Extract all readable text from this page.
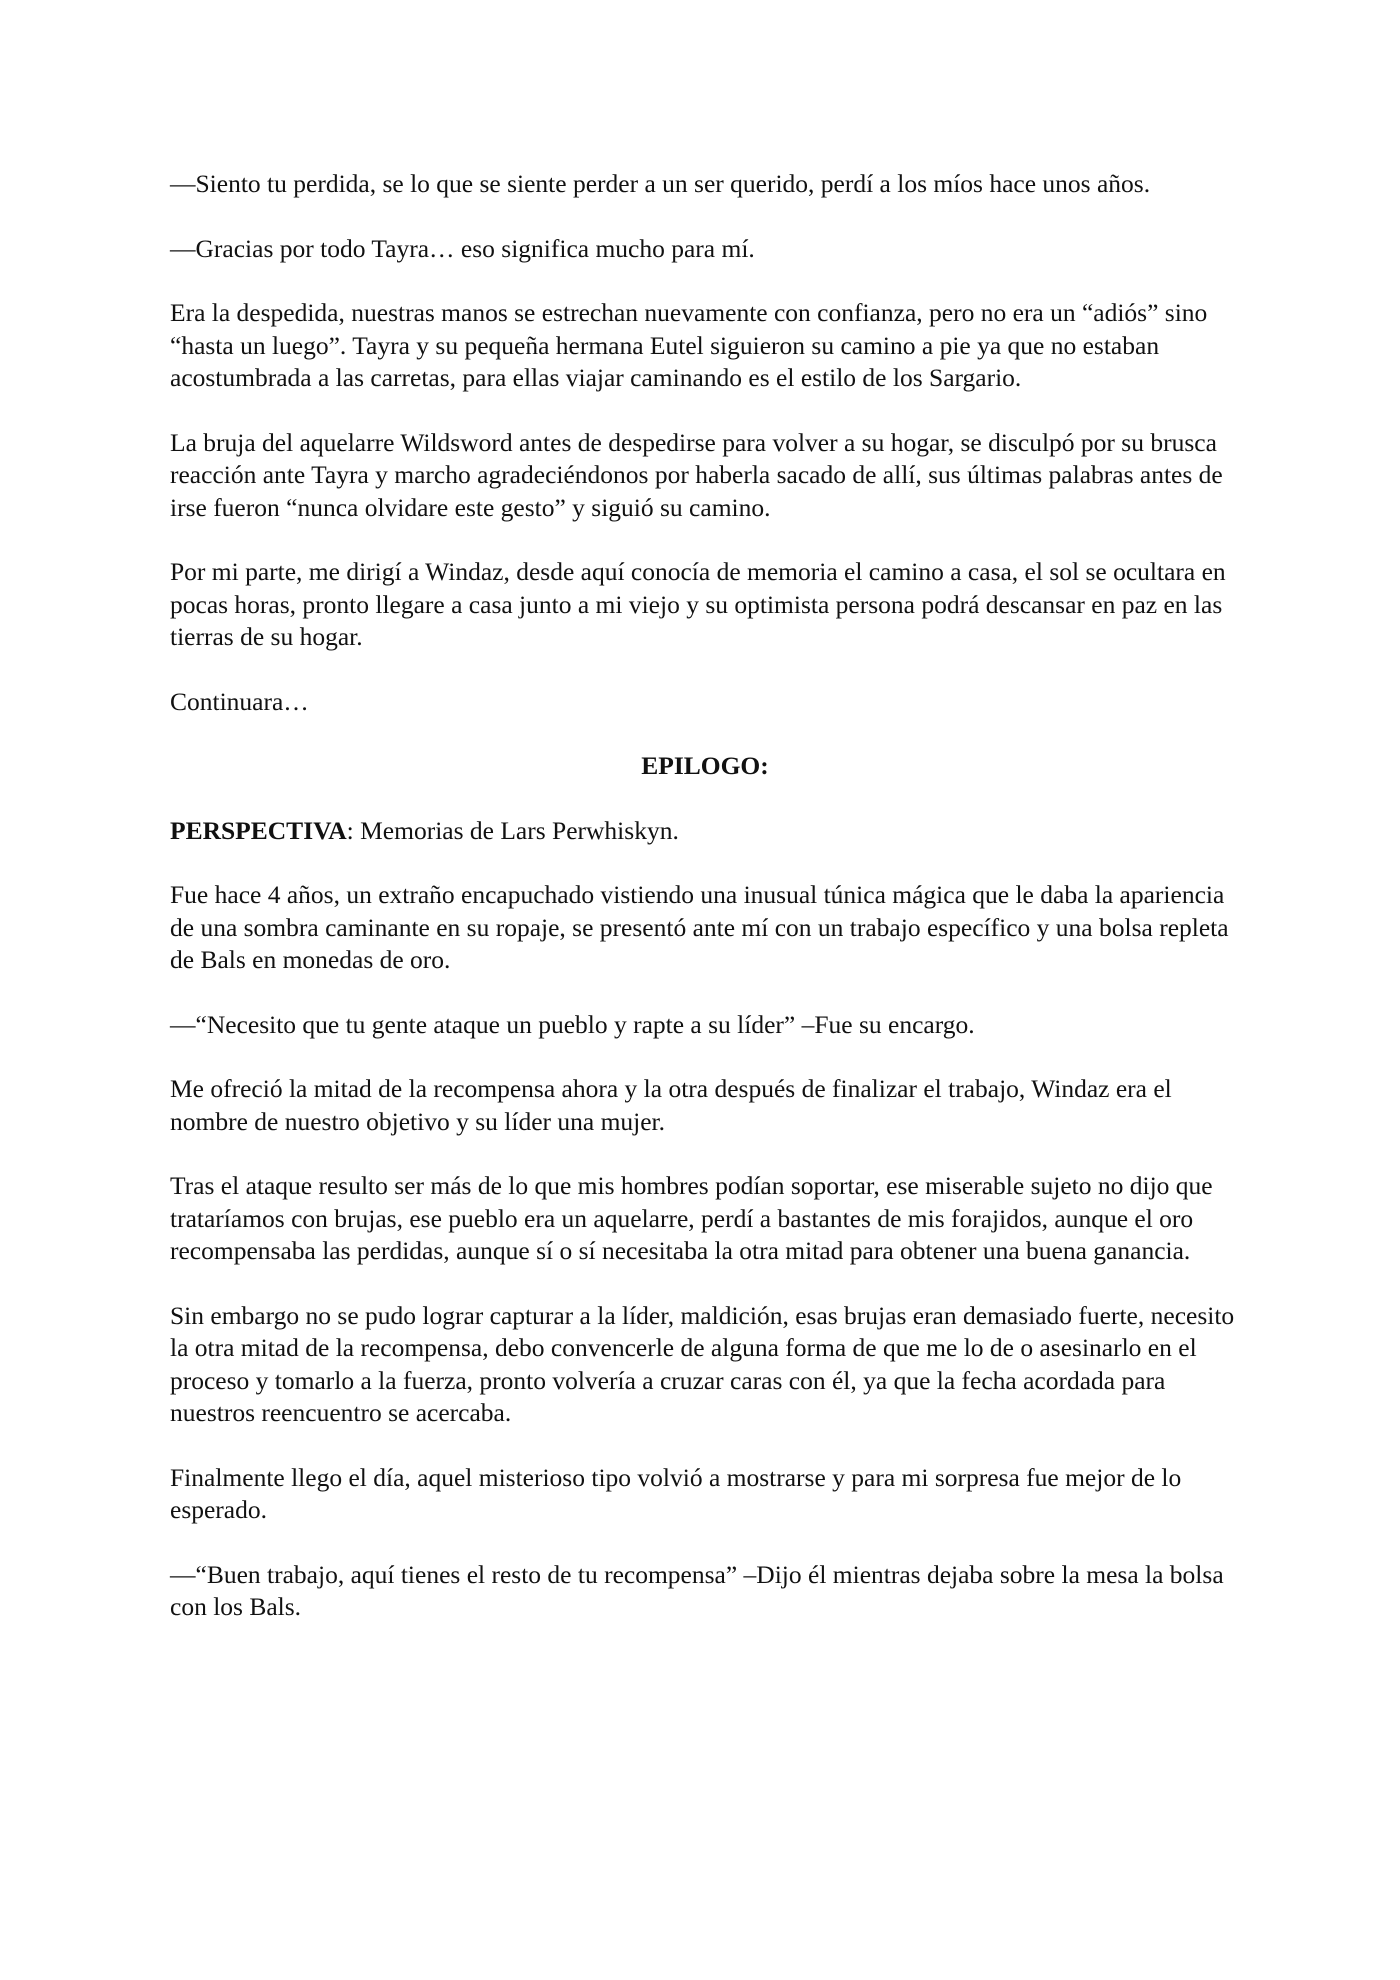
—Siento tu perdida, se lo que se siente perder a un ser querido, perdí a los míos hace unos años.

—Gracias por todo Tayra… eso significa mucho para mí.

Era la despedida, nuestras manos se estrechan nuevamente con confianza, pero no era un “adiós” sino “hasta un luego”. Tayra y su pequeña hermana Eutel siguieron su camino a pie ya que no estaban acostumbrada a las carretas, para ellas viajar caminando es el estilo de los Sargario.

La bruja del aquelarre Wildsword antes de despedirse para volver a su hogar, se disculpó por su brusca reacción ante Tayra y marcho agradeciéndonos por haberla sacado de allí, sus últimas palabras antes de irse fueron “nunca olvidare este gesto” y siguió su camino.

Por mi parte, me dirigí a Windaz, desde aquí conocía de memoria el camino a casa, el sol se ocultara en pocas horas, pronto llegare a casa junto a mi viejo y su optimista persona podrá descansar en paz en las tierras de su hogar.

Continuara…

EPILOGO:

PERSPECTIVA: Memorias de Lars Perwhiskyn.

Fue hace 4 años, un extraño encapuchado vistiendo una inusual túnica mágica que le daba la apariencia de una sombra caminante en su ropaje, se presentó ante mí con un trabajo específico y una bolsa repleta de Bals en monedas de oro.

—“Necesito que tu gente ataque un pueblo y rapte a su líder” –Fue su encargo.

Me ofreció la mitad de la recompensa ahora y la otra después de finalizar el trabajo, Windaz era el nombre de nuestro objetivo y su líder una mujer.

Tras el ataque resulto ser más de lo que mis hombres podían soportar, ese miserable sujeto no dijo que trataríamos con brujas, ese pueblo era un aquelarre, perdí a bastantes de mis forajidos, aunque el oro recompensaba las perdidas, aunque sí o sí necesitaba la otra mitad para obtener una buena ganancia.

Sin embargo no se pudo lograr capturar a la líder, maldición, esas brujas eran demasiado fuerte, necesito la otra mitad de la recompensa, debo convencerle de alguna forma de que me lo de o asesinarlo en el proceso y tomarlo a la fuerza, pronto volvería a cruzar caras con él, ya que la fecha acordada para nuestros reencuentro se acercaba.

Finalmente llego el día, aquel misterioso tipo volvió a mostrarse y para mi sorpresa fue mejor de lo esperado.

—“Buen trabajo, aquí tienes el resto de tu recompensa” –Dijo él mientras dejaba sobre la mesa la bolsa con los Bals.
